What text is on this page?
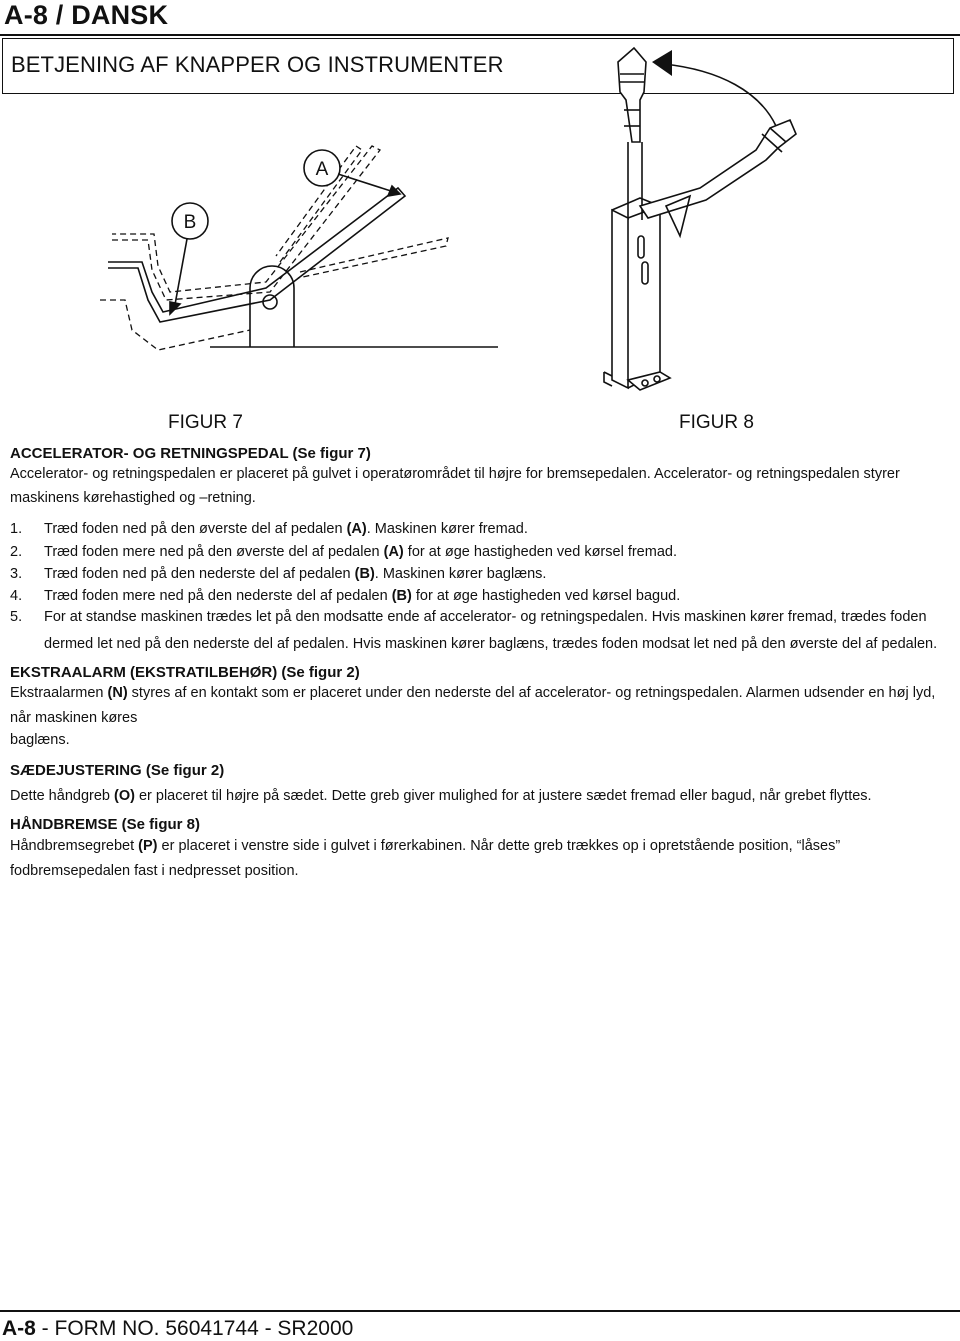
A-8 / DANSK
BETJENING AF KNAPPER OG INSTRUMENTER
B
A
FIGUR 7	FIGUR 8
ACCELERATOR- OG RETNINGSPEDAL (Se figur 7)
Accelerator- og retningspedalen er placeret på gulvet i operatørområdet til højre for bremsepedalen. Accelerator- og retningspedalen styrer
maskinens kørehastighed og –retning.
1. Træd foden ned på den øverste del af pedalen (A). Maskinen kører fremad.
2. Træd foden mere ned på den øverste del af pedalen (A) for at øge hastigheden ved kørsel fremad.
3. Træd foden ned på den nederste del af pedalen (B). Maskinen kører baglæns.
4. Træd foden mere ned på den nederste del af pedalen (B) for at øge hastigheden ved kørsel bagud.
5. For at standse maskinen trædes let på den modsatte ende af accelerator- og retningspedalen. Hvis maskinen kører fremad, trædes foden
dermed let ned på den nederste del af pedalen. Hvis maskinen kører baglæns, trædes foden modsat let ned på den øverste del af pedalen.
EKSTRAALARM (EKSTRATILBEHØR) (Se figur 2)
Ekstraalarmen (N) styres af en kontakt som er placeret under den nederste del af accelerator- og retningspedalen. Alarmen udsender en høj lyd,
når maskinen køres
baglæns.
SÆDEJUSTERING (Se figur 2)
Dette håndgreb (O) er placeret til højre på sædet. Dette greb giver mulighed for at justere sædet fremad eller bagud, når grebet flyttes.
HÅNDBREMSE (Se figur 8)
Håndbremsegrebet (P) er placeret i venstre side i gulvet i førerkabinen. Når dette greb trækkes op i opretstående position, “låses”
fodbremsepedalen fast i nedpresset position.
A-8 - FORM NO. 56041744 - SR2000
